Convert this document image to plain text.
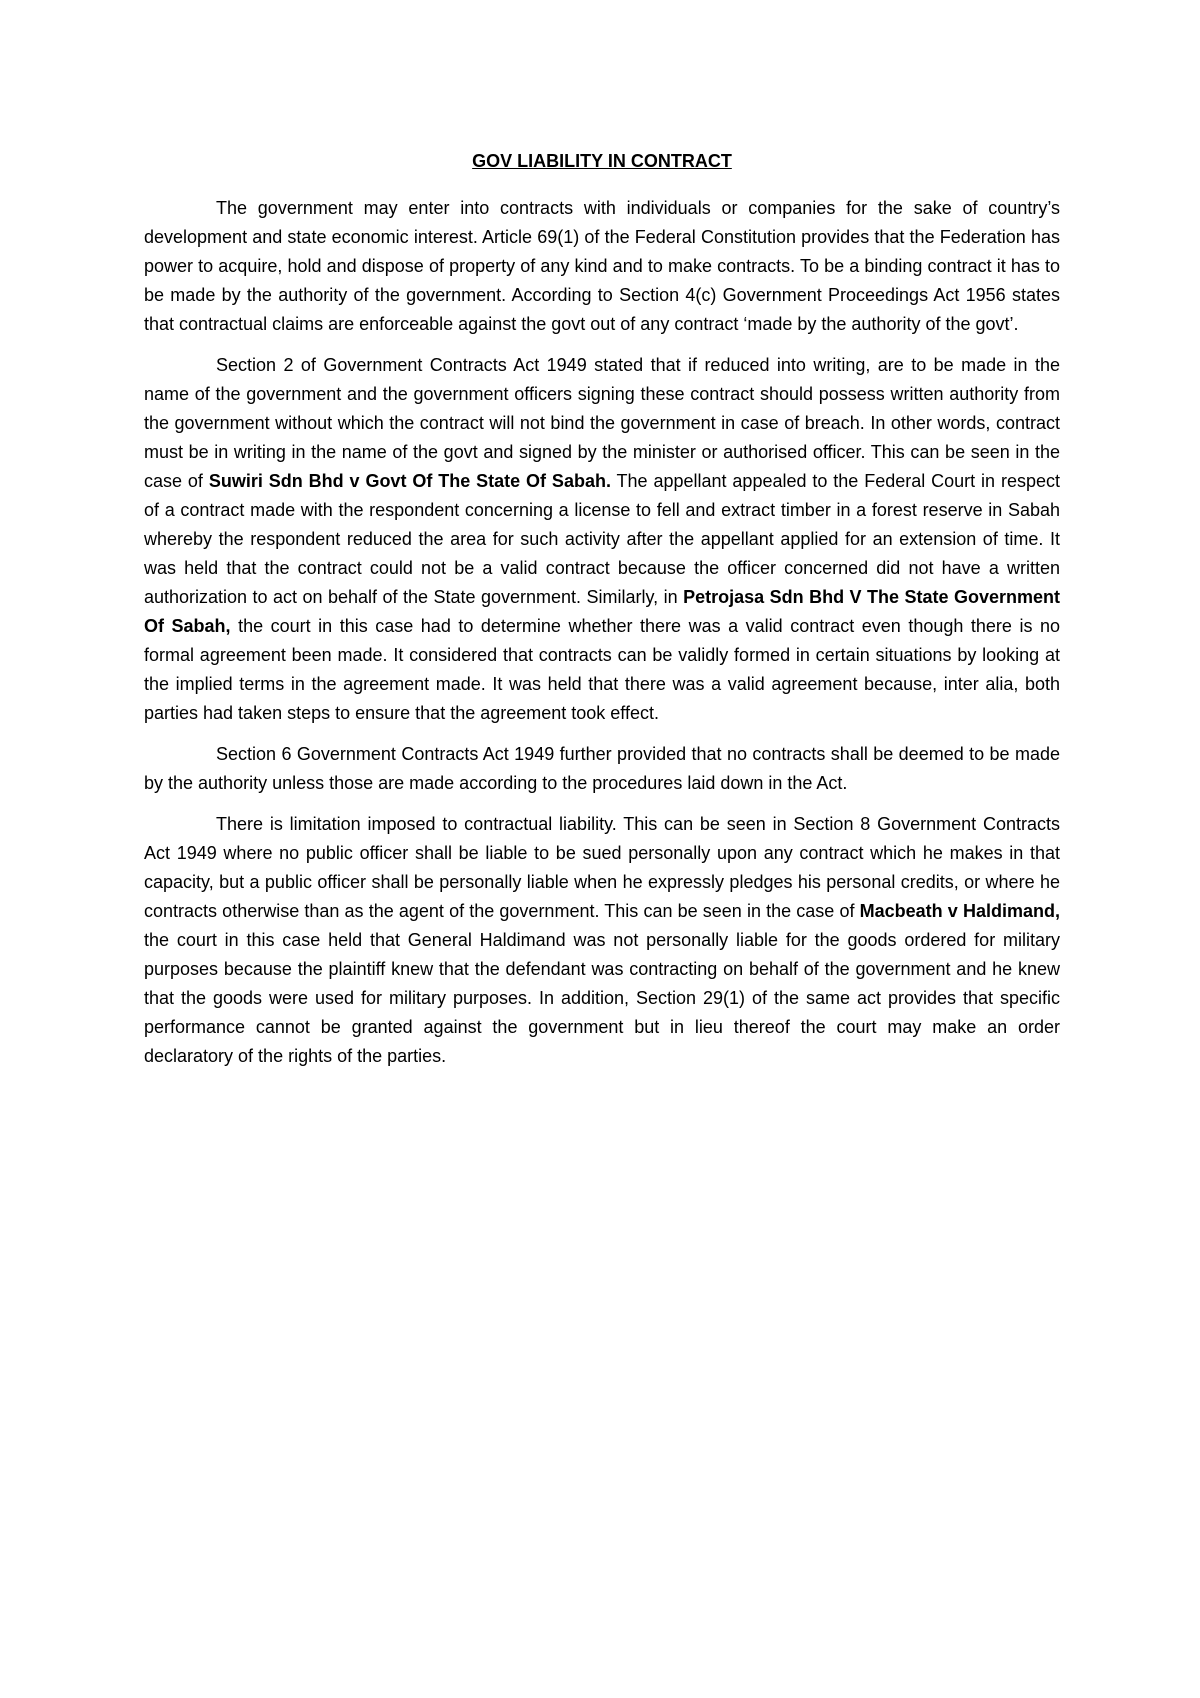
GOV LIABILITY IN CONTRACT

The government may enter into contracts with individuals or companies for the sake of country’s development and state economic interest. Article 69(1) of the Federal Constitution provides that the Federation has power to acquire, hold and dispose of property of any kind and to make contracts. To be a binding contract it has to be made by the authority of the government. According to Section 4(c) Government Proceedings Act 1956 states that contractual claims are enforceable against the govt out of any contract ‘made by the authority of the govt’.

Section 2 of Government Contracts Act 1949 stated that if reduced into writing, are to be made in the name of the government and the government officers signing these contract should possess written authority from the government without which the contract will not bind the government in case of breach. In other words, contract must be in writing in the name of the govt and signed by the minister or authorised officer. This can be seen in the case of Suwiri Sdn Bhd v Govt Of The State Of Sabah. The appellant appealed to the Federal Court in respect of a contract made with the respondent concerning a license to fell and extract timber in a forest reserve in Sabah whereby the respondent reduced the area for such activity after the appellant applied for an extension of time. It was held that the contract could not be a valid contract because the officer concerned did not have a written authorization to act on behalf of the State government. Similarly, in Petrojasa Sdn Bhd V The State Government Of Sabah, the court in this case had to determine whether there was a valid contract even though there is no formal agreement been made. It considered that contracts can be validly formed in certain situations by looking at the implied terms in the agreement made. It was held that there was a valid agreement because, inter alia, both parties had taken steps to ensure that the agreement took effect.

Section 6 Government Contracts Act 1949 further provided that no contracts shall be deemed to be made by the authority unless those are made according to the procedures laid down in the Act.

There is limitation imposed to contractual liability. This can be seen in Section 8 Government Contracts Act 1949 where no public officer shall be liable to be sued personally upon any contract which he makes in that capacity, but a public officer shall be personally liable when he expressly pledges his personal credits, or where he contracts otherwise than as the agent of the government. This can be seen in the case of Macbeath v Haldimand, the court in this case held that General Haldimand was not personally liable for the goods ordered for military purposes because the plaintiff knew that the defendant was contracting on behalf of the government and he knew that the goods were used for military purposes. In addition, Section 29(1) of the same act provides that specific performance cannot be granted against the government but in lieu thereof the court may make an order declaratory of the rights of the parties.
